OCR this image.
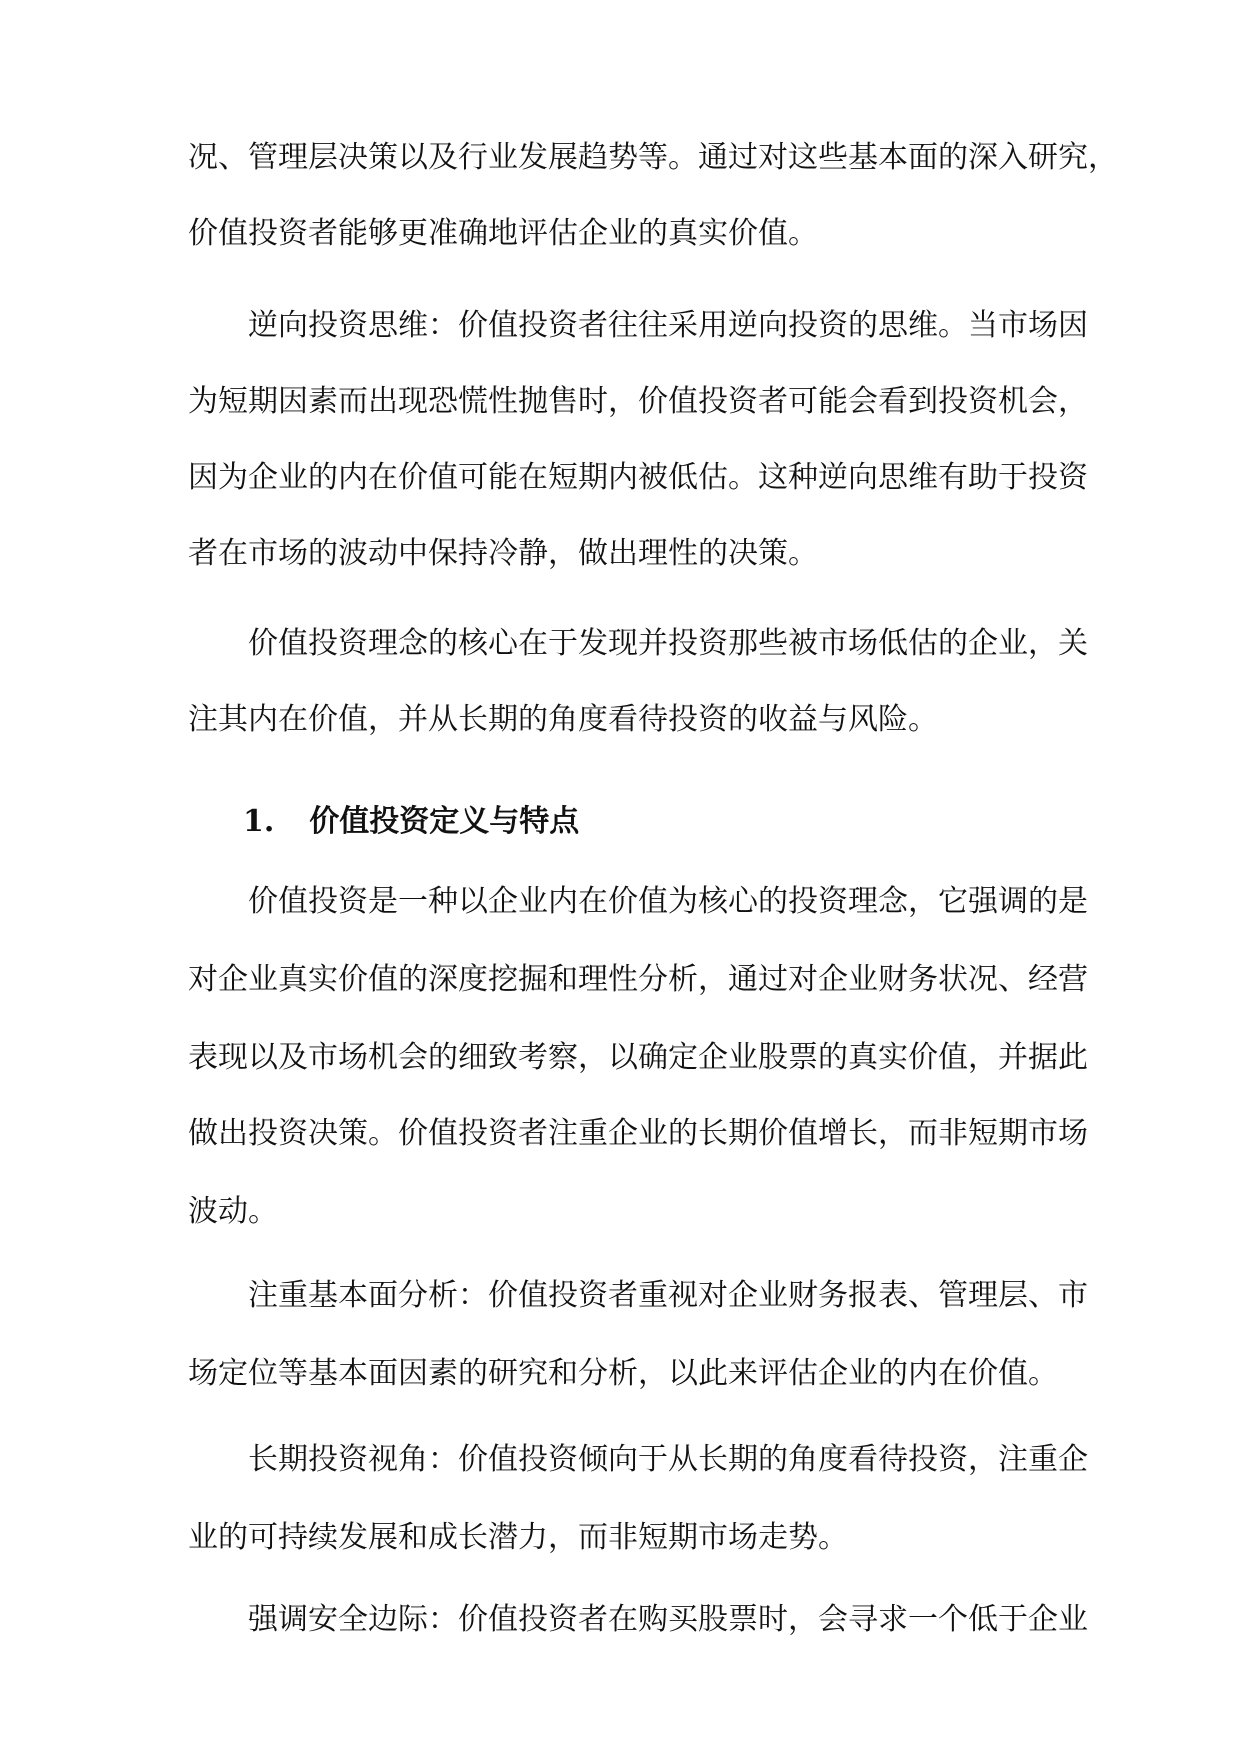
况、管理层决策以及行业发展趋势等。通过对这些基本面的深入研究，
价值投资者能够更准确地评估企业的真实价值。
逆向投资思维：价值投资者往往采用逆向投资的思维。当市场因
为短期因素而出现恐慌性抛售时，价值投资者可能会看到投资机会，
因为企业的内在价值可能在短期内被低估。这种逆向思维有助于投资
者在市场的波动中保持冷静，做出理性的决策。
价值投资理念的核心在于发现并投资那些被市场低估的企业，关
注其内在价值，并从长期的角度看待投资的收益与风险。
1. 价值投资定义与特点
价值投资是一种以企业内在价值为核心的投资理念，它强调的是
对企业真实价值的深度挖掘和理性分析，通过对企业财务状况、经营
表现以及市场机会的细致考察，以确定企业股票的真实价值，并据此
做出投资决策。价值投资者注重企业的长期价值增长，而非短期市场
波动。
注重基本面分析：价值投资者重视对企业财务报表、管理层、市
场定位等基本面因素的研究和分析，以此来评估企业的内在价值。
长期投资视角：价值投资倾向于从长期的角度看待投资，注重企
业的可持续发展和成长潜力，而非短期市场走势。
强调安全边际：价值投资者在购买股票时，会寻求一个低于企业
